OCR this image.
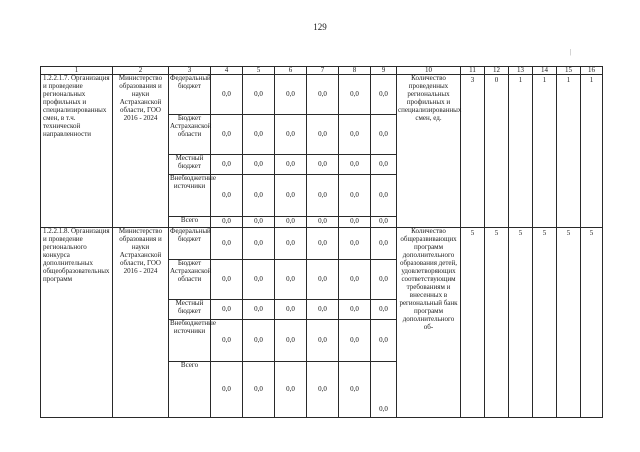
129
|
1	2	3	4	5	6	7	8	9	10	11	12	13	14	15	16
1.2.2.1.7. Организация и проведение региональных профильных и специализированных смен, в т.ч. технической направленности	Министерство образования и науки Астраханской области, ГОО 2016 - 2024	Федеральный бюджет	0,0	0,0	0,0	0,0	0,0	0,0	Количество проведенных региональных профильных и специализированных смен, ед.	3	0	1	1	1	1
		Бюджет Астраханской области	0,0	0,0	0,0	0,0	0,0	0,0							
		Местный бюджет	0,0	0,0	0,0	0,0	0,0	0,0							
		Внебюджетные источники	0,0	0,0	0,0	0,0	0,0	0,0							
		Всего	0,0	0,0	0,0	0,0	0,0	0,0							
1.2.2.1.8. Организация и проведение регионального конкурса дополнительных общеобразовательных программ	Министерство образования и науки Астраханской области, ГОО 2016 - 2024	Федеральный бюджет	0,0	0,0	0,0	0,0	0,0	0,0	Количество общеразвивающих программ дополнительного образования детей, удовлетворяющих соответствующим требованиям и внесенных в региональный банк программ дополнительного об-	5	5	5	5	5	5
		Бюджет Астраханской области	0,0	0,0	0,0	0,0	0,0	0,0							
		Местный бюджет	0,0	0,0	0,0	0,0	0,0	0,0							
		Внебюджетные источники	0,0	0,0	0,0	0,0	0,0	0,0							
		Всего	0,0	0,0	0,0	0,0	0,0	0,0							
